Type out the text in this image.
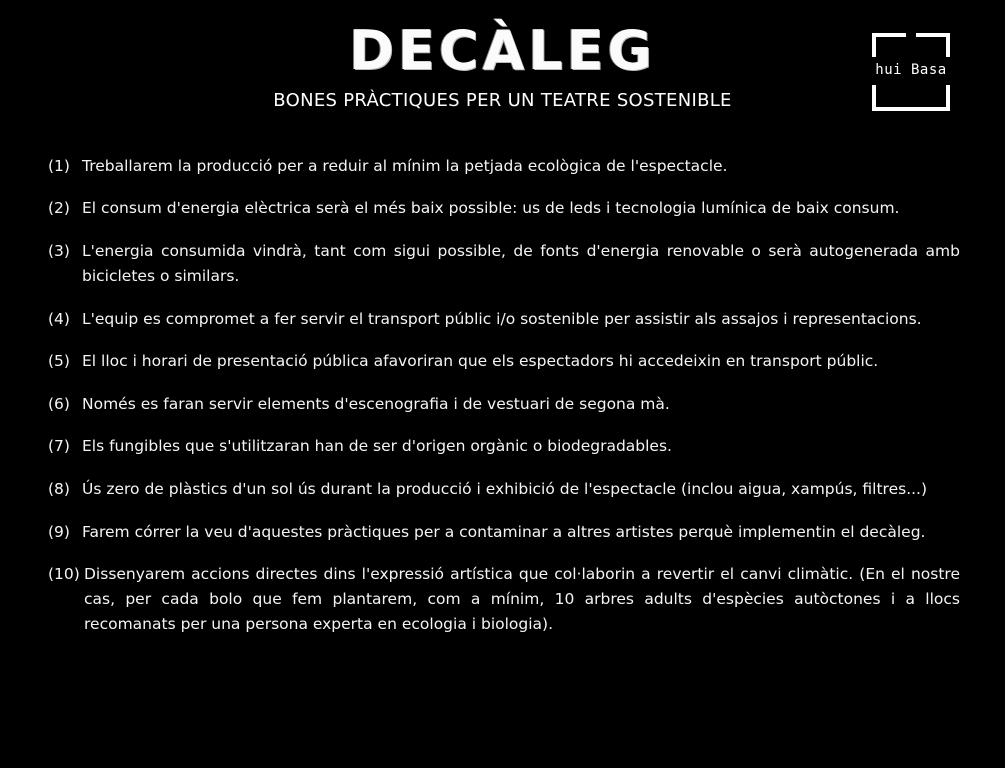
DECÀLEG
BONES PRÀCTIQUES PER UN TEATRE SOSTENIBLE
hui Basa
(1) Treballarem la producció per a reduir al mínim la petjada ecològica de l'espectacle.
(2) El consum d'energia elèctrica serà el més baix possible: us de leds i tecnologia lumínica de baix consum.
(3) L'energia consumida vindrà, tant com sigui possible, de fonts d'energia renovable o serà autogenerada amb bicicletes o similars.
(4) L'equip es compromet a fer servir el transport públic i/o sostenible per assistir als assajos i representacions.
(5) El lloc i horari de presentació pública afavoriran que els espectadors hi accedeixin en transport públic.
(6) Només es faran servir elements d'escenografia i de vestuari de segona mà.
(7) Els fungibles que s'utilitzaran han de ser d'origen orgànic o biodegradables.
(8) Ús zero de plàstics d'un sol ús durant la producció i exhibició de l'espectacle (inclou aigua, xampús, filtres...)
(9) Farem córrer la veu d'aquestes pràctiques per a contaminar a altres artistes perquè implementin el decàleg.
(10) Dissenyarem accions directes dins l'expressió artística que col·laborin a revertir el canvi climàtic. (En el nostre cas, per cada bolo que fem plantarem, com a mínim, 10 arbres adults d'espècies autòctones i a llocs recomanats per una persona experta en ecologia i biologia).
